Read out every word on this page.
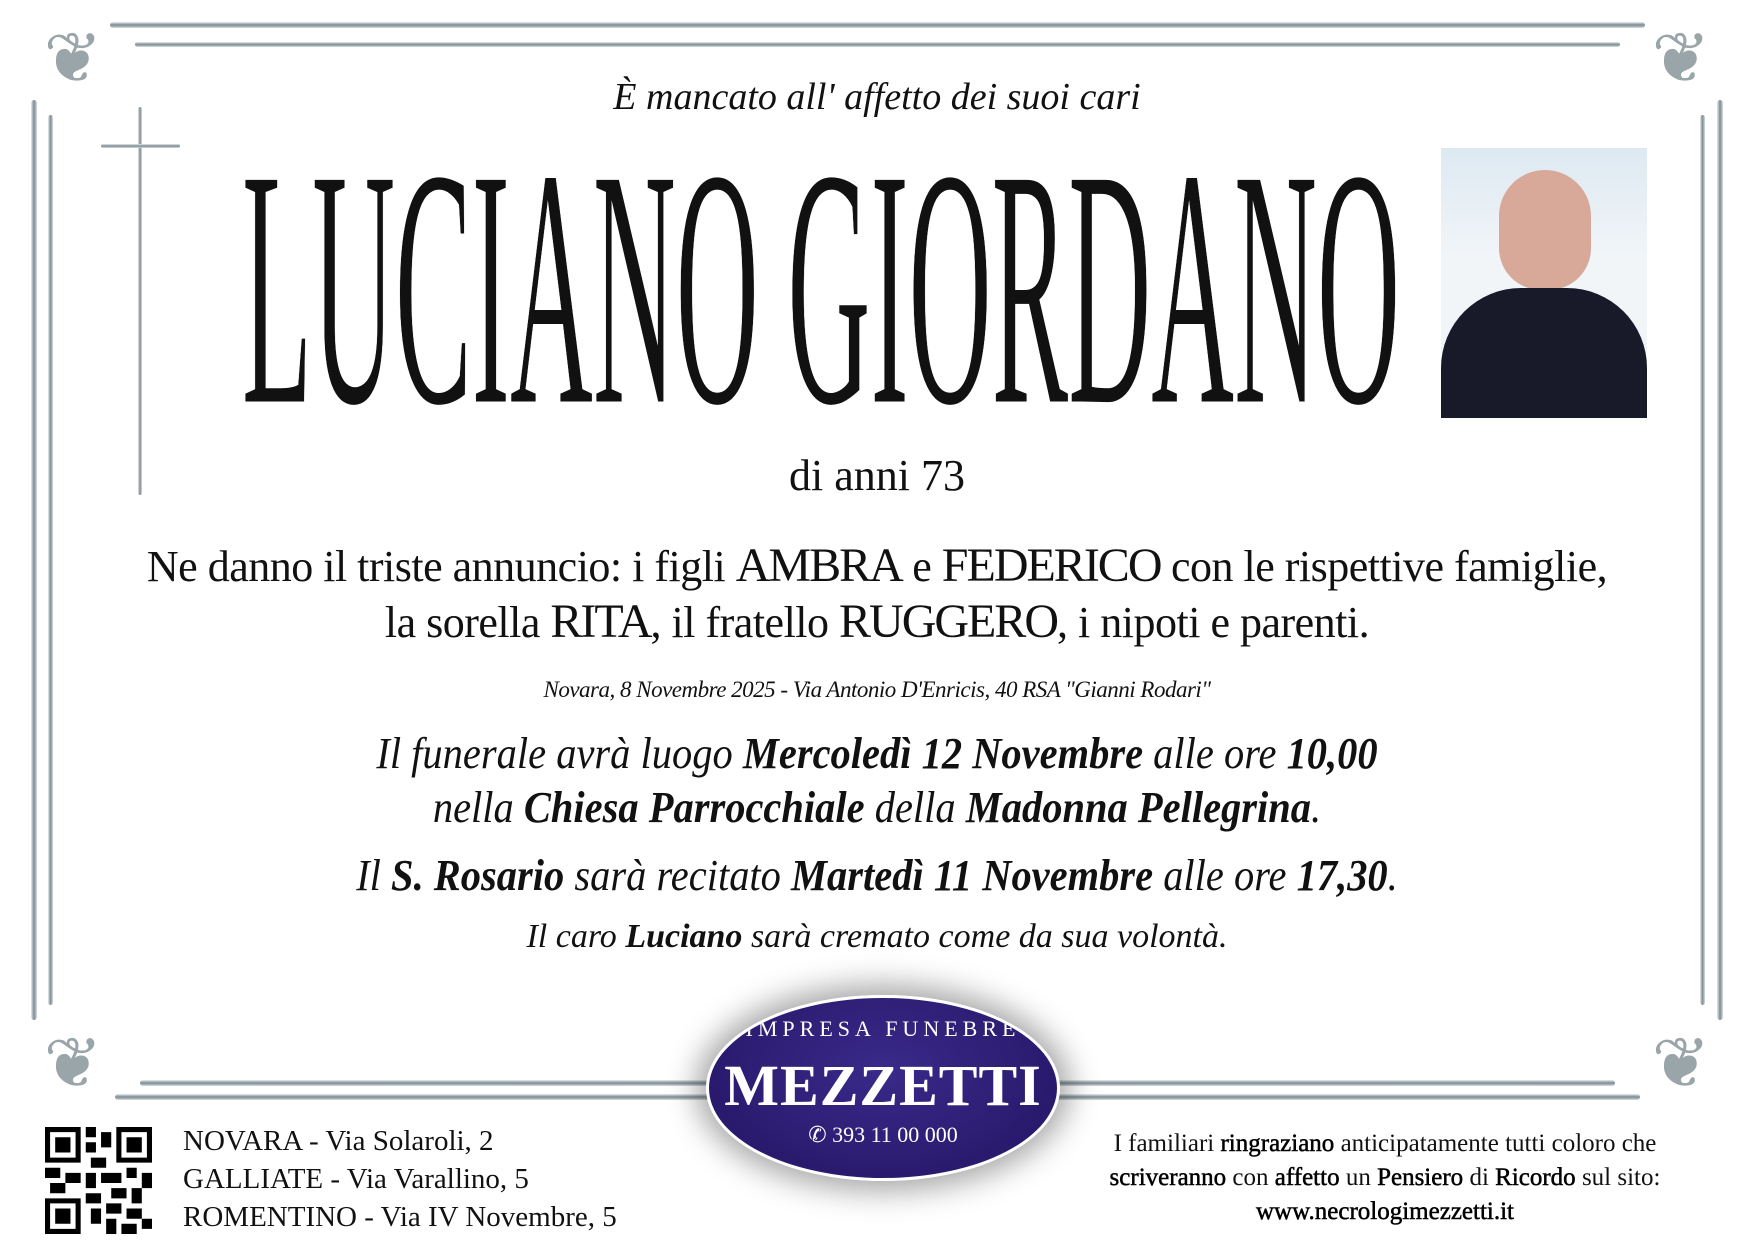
❦	❦
❦	❦
È mancato all' affetto dei suoi cari
LUCIANO GIORDANO
di anni 73
Ne danno il triste annuncio: i figli AMBRA e FEDERICO con le rispettive famiglie,
la sorella RITA, il fratello RUGGERO, i nipoti e parenti.
Novara, 8 Novembre 2025 - Via Antonio D'Enricis, 40 RSA "Gianni Rodari"
Il funerale avrà luogo Mercoledì 12 Novembre alle ore 10,00
nella Chiesa Parrocchiale della Madonna Pellegrina.
Il S. Rosario sarà recitato Martedì 11 Novembre alle ore 17,30.
Il caro Luciano sarà cremato come da sua volontà.
IMPRESA FUNEBRE
MEZZETTI
✆ 393 11 00 000
NOVARA - Via Solaroli, 2
GALLIATE - Via Varallino, 5
ROMENTINO - Via IV Novembre, 5
I familiari ringraziano anticipatamente tutti coloro che
scriveranno con affetto un Pensiero di Ricordo sul sito:
www.necrologimezzetti.it
